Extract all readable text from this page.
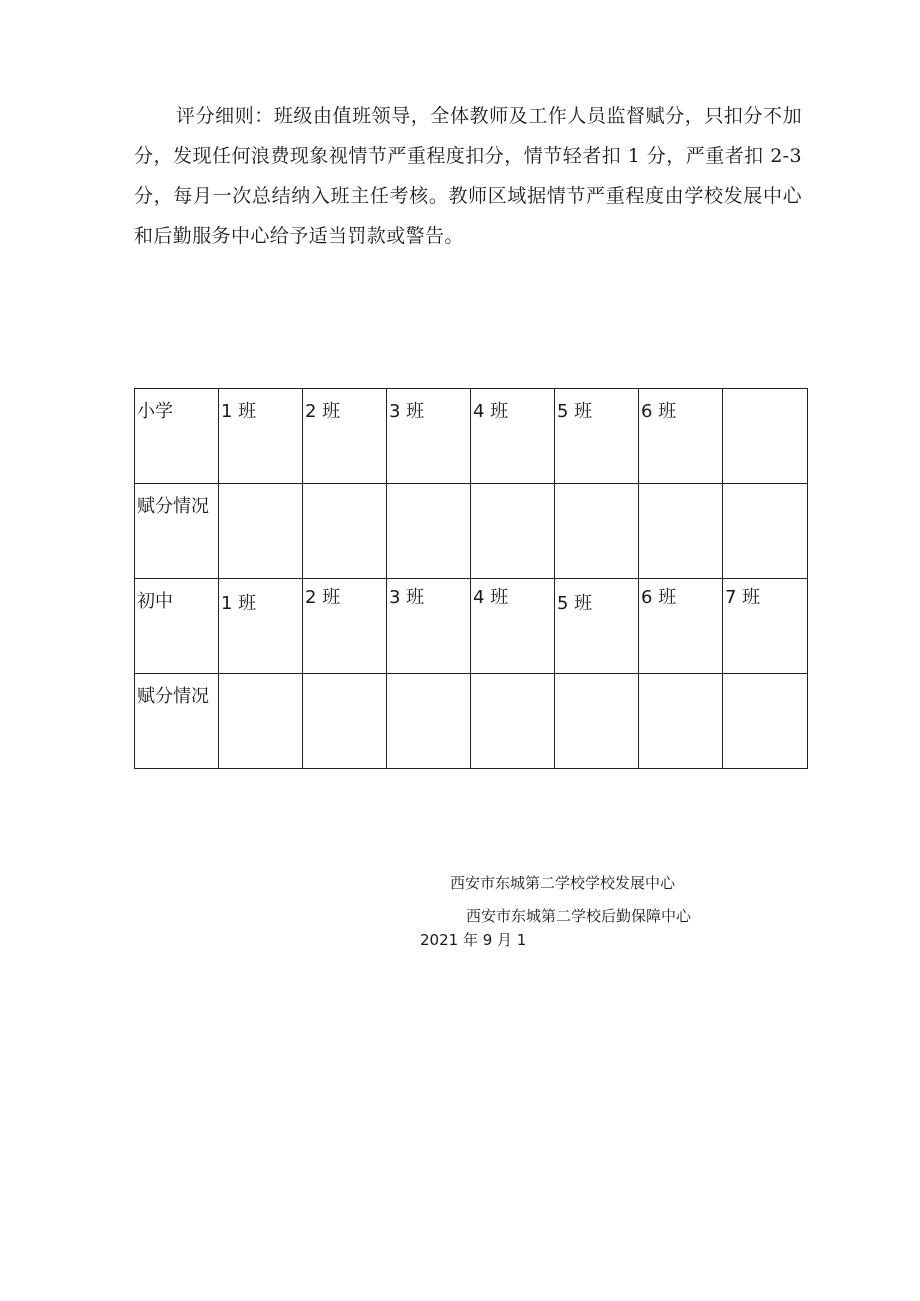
评分细则：班级由值班领导，全体教师及工作人员监督赋分，只扣分不加分，发现任何浪费现象视情节严重程度扣分，情节轻者扣 1 分，严重者扣 2-3 分，每月一次总结纳入班主任考核。教师区域据情节严重程度由学校发展中心和后勤服务中心给予适当罚款或警告。

小学	1 班	2 班	3 班	4 班	5 班	6 班	
赋分情况							
初中	1 班	2 班	3 班	4 班	5 班	6 班	7 班
赋分情况							

西安市东城第二学校学校发展中心

西安市东城第二学校后勤保障中心

2021 年 9 月 1
